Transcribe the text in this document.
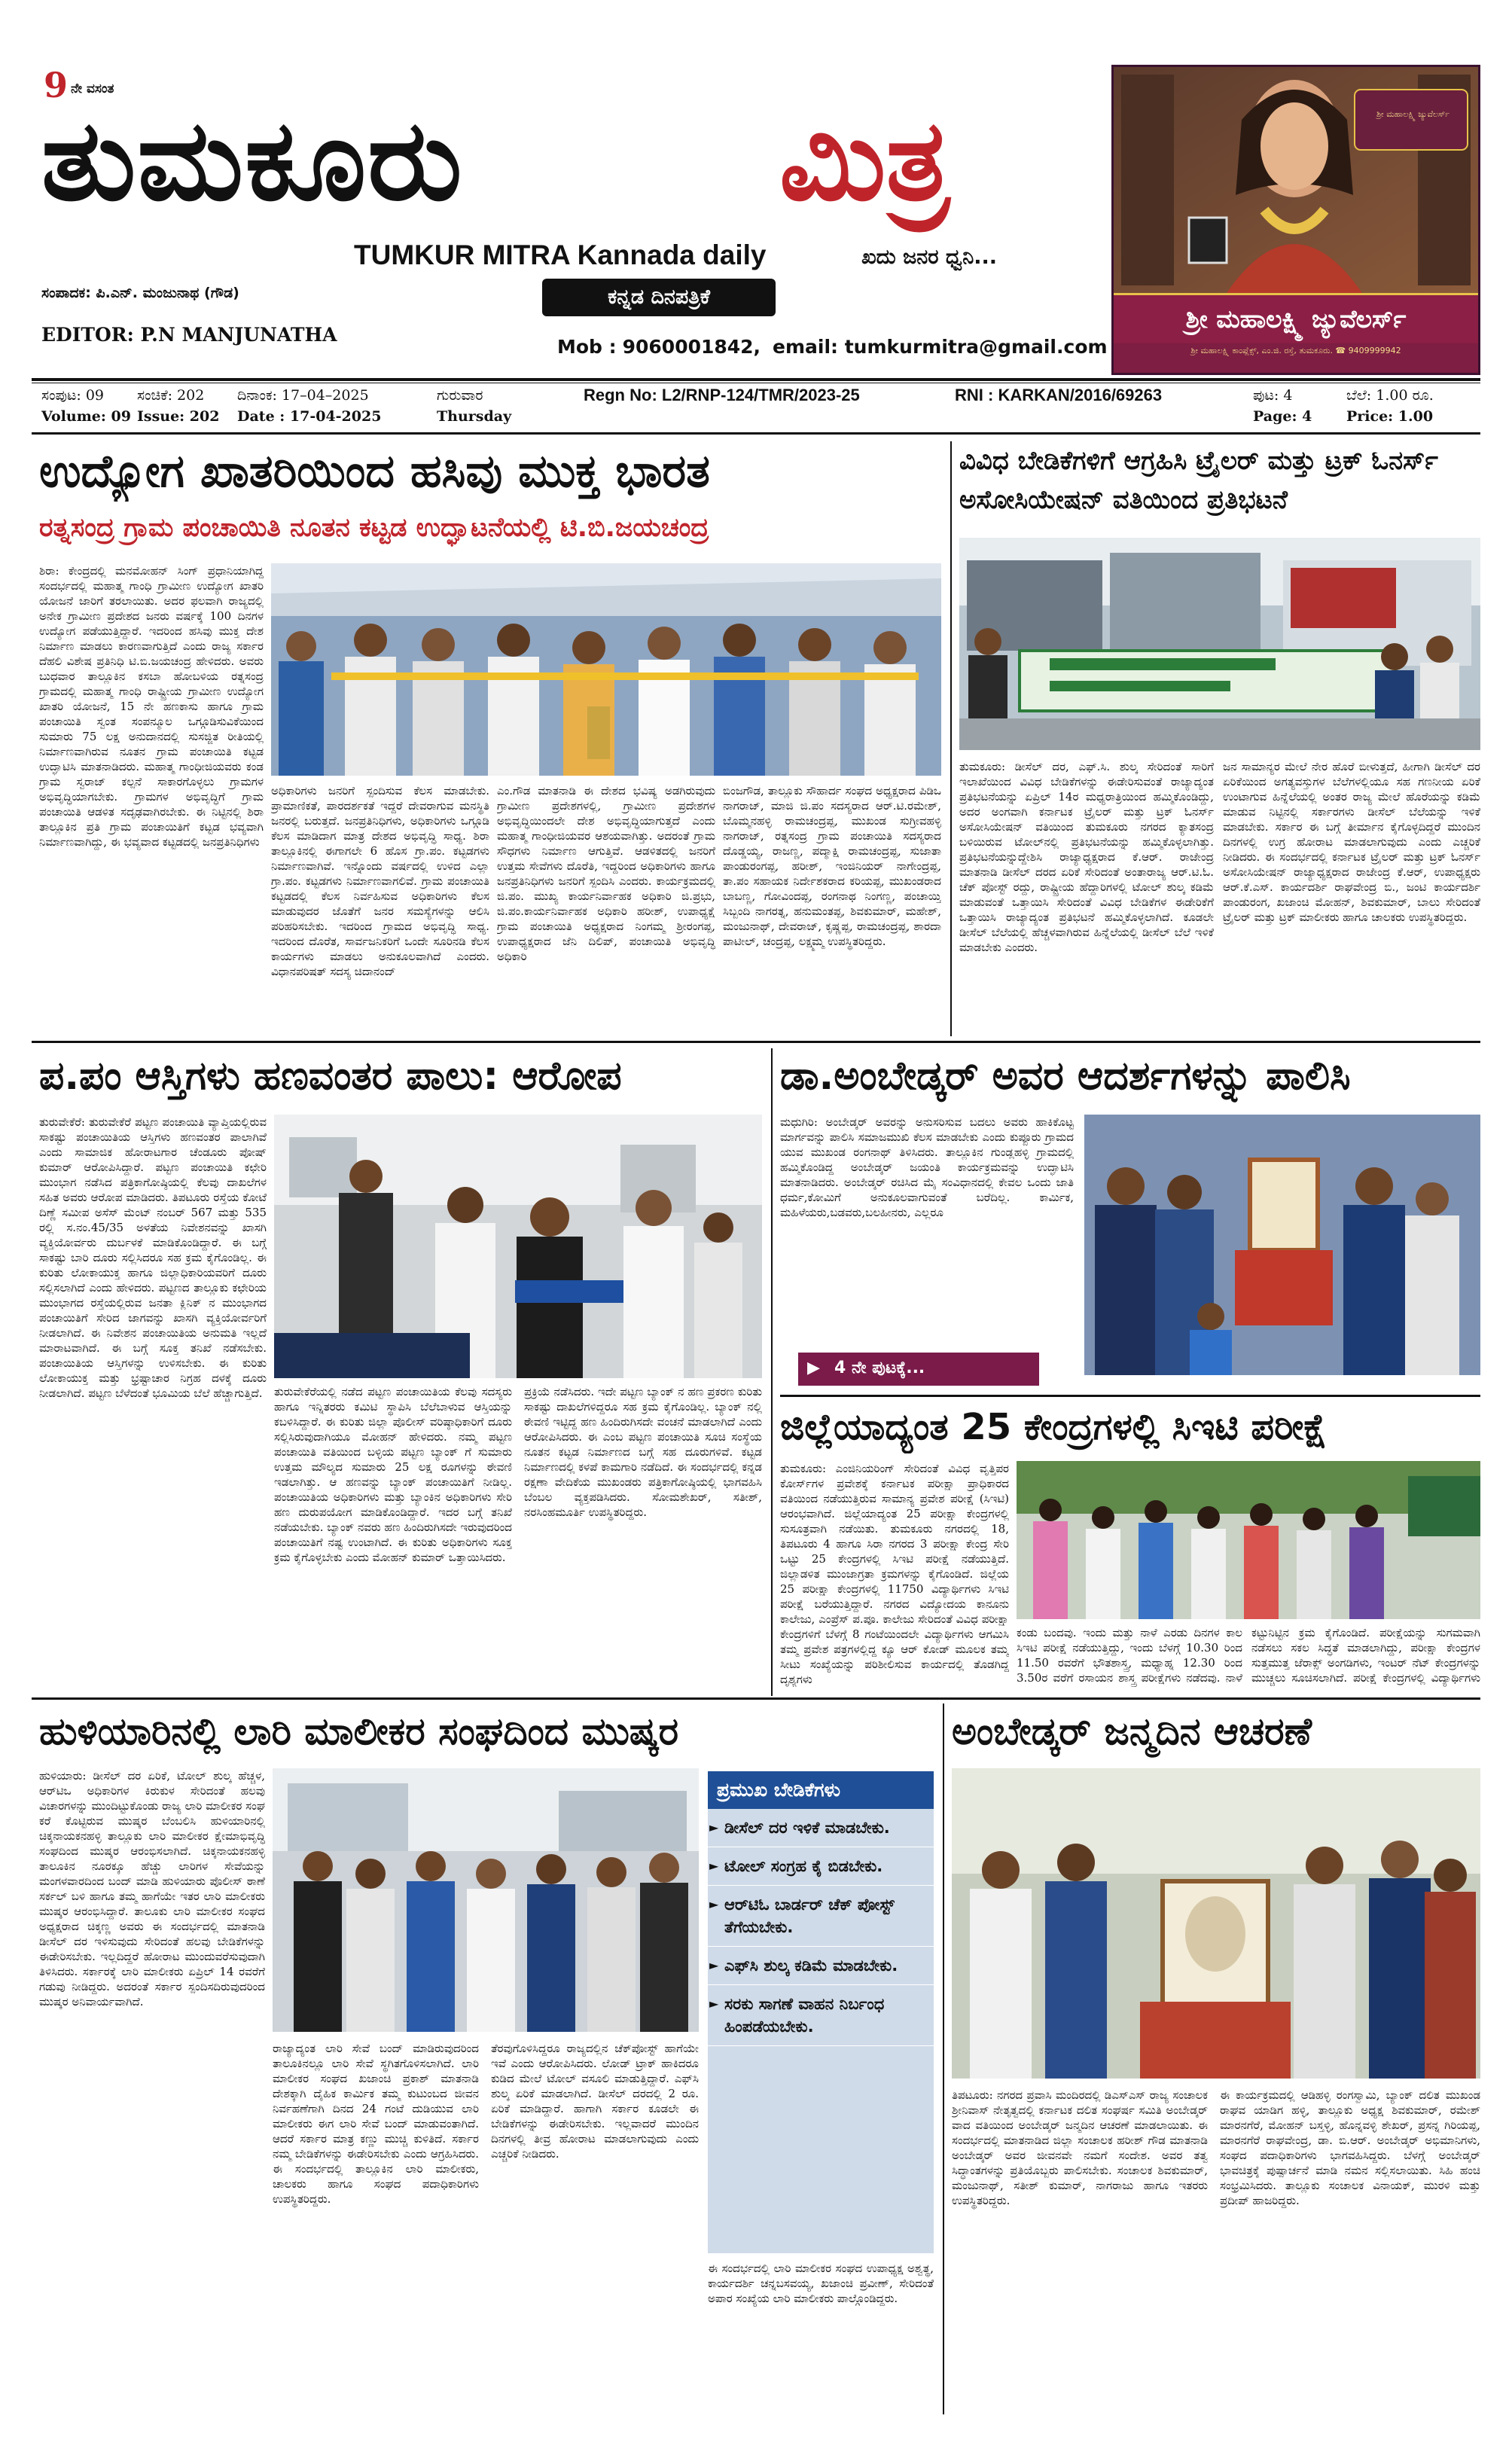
9 ನೇ ವಸಂತ
ತುಮಕೂರು	ಮಿತ್ರ
TUMKUR MITRA Kannada daily	ಖದು ಜನರ ಧ್ವನಿ...
ಸಂಪಾದಕ: ಪಿ.ಎನ್. ಮಂಜುನಾಥ (ಗೌಡ)	ಕನ್ನಡ ದಿನಪತ್ರಿಕೆ
EDITOR: P.N MANJUNATHA
Mob : 9060001842, email: tumkurmitra@gmail.com
ಶ್ರೀ ಮಹಾಲಕ್ಷ್ಮಿ ಜ್ಯುವೆಲರ್ಸ್
ಶ್ರೀ ಮಹಾಲಕ್ಷ್ಮಿ ಜ್ಯುವೆಲರ್ಸ್
ಶ್ರೀ ಮಹಾಲಕ್ಷ್ಮಿ ಕಾಂಪ್ಲೆಕ್ಸ್, ಎಂ.ಜಿ. ರಸ್ತೆ, ತುಮಕೂರು. ☎ 9409999942
ಸಂಪುಟ: 09 ಸಂಚಿಕೆ: 202 ದಿನಾಂಕ: 17–04–2025	ಗುರುವಾರ	Regn No: L2/RNP-124/TMR/2023-25	RNI : KARKAN/2016/69263	ಪುಟ: 4	ಬೆಲೆ: 1.00 ರೂ.
Volume: 09 Issue: 202 Date : 17-04-2025	Thursday	Page: 4 Price: 1.00
ಉದ್ಯೋಗ ಖಾತರಿಯಿಂದ ಹಸಿವು ಮುಕ್ತ ಭಾರತ
ರತ್ನಸಂದ್ರ ಗ್ರಾಮ ಪಂಚಾಯಿತಿ ನೂತನ ಕಟ್ಟಡ ಉದ್ಘಾಟನೆಯಲ್ಲಿ ಟಿ.ಬಿ.ಜಯಚಂದ್ರ
ಶಿರಾ: ಕೇಂದ್ರದಲ್ಲಿ ಮನಮೋಹನ್ ಸಿಂಗ್ ಪ್ರಧಾನಿಯಾಗಿದ್ದ ಸಂದರ್ಭದಲ್ಲಿ ಮಹಾತ್ಮ ಗಾಂಧಿ ಗ್ರಾಮೀಣ ಉದ್ಯೋಗ ಖಾತರಿ ಯೋಜನೆ ಜಾರಿಗೆ ತರಲಾಯಿತು. ಅದರ ಫಲವಾಗಿ ರಾಜ್ಯದಲ್ಲಿ ಅನೇಕ ಗ್ರಾಮೀಣ ಪ್ರದೇಶದ ಜನರು ವರ್ಷಕ್ಕೆ 100 ದಿನಗಳ ಉದ್ಯೋಗ ಪಡೆಯುತ್ತಿದ್ದಾರೆ. ಇದರಿಂದ ಹಸಿವು ಮುಕ್ತ ದೇಶ ನಿರ್ಮಾಣ ಮಾಡಲು ಕಾರಣವಾಗುತ್ತಿದೆ ಎಂದು ರಾಜ್ಯ ಸರ್ಕಾರ ದೆಹಲಿ ವಿಶೇಷ ಪ್ರತಿನಿಧಿ ಟಿ.ಬಿ.ಜಯಚಂದ್ರ ಹೇಳಿದರು. ಅವರು ಬುಧವಾರ ತಾಲ್ಲೂಕಿನ ಕಸಬಾ ಹೋಬಳಿಯ ರತ್ನಸಂದ್ರ ಗ್ರಾಮದಲ್ಲಿ ಮಹಾತ್ಮ ಗಾಂಧಿ ರಾಷ್ಟ್ರೀಯ ಗ್ರಾಮೀಣ ಉದ್ಯೋಗ ಖಾತರಿ ಯೋಜನೆ, 15 ನೇ ಹಣಕಾಸು ಹಾಗೂ ಗ್ರಾಮ ಪಂಚಾಯಿತಿ ಸ್ವಂತ ಸಂಪನ್ಮೂಲ ಒಗ್ಗೂಡಿಸುವಿಕೆಯಿಂದ ಸುಮಾರು 75 ಲಕ್ಷ ಅನುದಾನದಲ್ಲಿ ಸುಸಜ್ಜಿತ ರೀತಿಯಲ್ಲಿ ನಿರ್ಮಾಣವಾಗಿರುವ ನೂತನ ಗ್ರಾಮ ಪಂಚಾಯಿತಿ ಕಟ್ಟಡ ಉದ್ಘಾಟಿಸಿ ಮಾತನಾಡಿದರು. ಮಹಾತ್ಮ ಗಾಂಧೀಜಿಯವರು ಕಂಡ ಗ್ರಾಮ ಸ್ವರಾಜ್ ಕಲ್ಪನೆ ಸಾಕಾರಗೊಳ್ಳಲು ಗ್ರಾಮಗಳ ಅಭಿವೃದ್ಧಿಯಾಗಬೇಕು. ಗ್ರಾಮಗಳ ಅಭಿವೃದ್ಧಿಗೆ ಗ್ರಾಮ ಪಂಚಾಯಿತಿ ಆಡಳಿತ ಸದೃಢವಾಗಿರಬೇಕು. ಈ ನಿಟ್ಟಿನಲ್ಲಿ ಶಿರಾ ತಾಲ್ಲೂಕಿನ ಪ್ರತಿ ಗ್ರಾಮ ಪಂಚಾಯಿತಿಗೆ ಕಟ್ಟಡ ಭವ್ಯವಾಗಿ ನಿರ್ಮಾಣವಾಗಿದ್ದು, ಈ ಭವ್ಯವಾದ ಕಟ್ಟಡದಲ್ಲಿ ಜನಪ್ರತಿನಿಧಿಗಳು
ಅಧಿಕಾರಿಗಳು ಜನರಿಗೆ ಸ್ಪಂದಿಸುವ ಕೆಲಸ ಮಾಡಬೇಕು. ಪ್ರಾಮಾಣಿಕತೆ, ಪಾರದರ್ಶಕತೆ ಇದ್ದರೆ ದೇವರಾಗುವ ಮನಸ್ಥಿತಿ ಜನರಲ್ಲಿ ಬರುತ್ತದೆ. ಜನಪ್ರತಿನಿಧಿಗಳು, ಅಧಿಕಾರಿಗಳು ಒಗ್ಗೂಡಿ ಕೆಲಸ ಮಾಡಿದಾಗ ಮಾತ್ರ ದೇಶದ ಅಭಿವೃದ್ಧಿ ಸಾಧ್ಯ. ಶಿರಾ ತಾಲ್ಲೂಕಿನಲ್ಲಿ ಈಗಾಗಲೇ 6 ಹೊಸ ಗ್ರಾ.ಪಂ. ಕಟ್ಟಡಗಳು ನಿರ್ಮಾಣವಾಗಿವೆ. ಇನ್ನೊಂದು ವರ್ಷದಲ್ಲಿ ಉಳಿದ ಎಲ್ಲಾ ಗ್ರಾ.ಪಂ. ಕಟ್ಟಡಗಳು ನಿರ್ಮಾಣವಾಗಲಿವೆ. ಗ್ರಾಮ ಪಂಚಾಯಿತಿ ಕಟ್ಟಡದಲ್ಲಿ ಕೆಲಸ ನಿರ್ವಹಿಸುವ ಅಧಿಕಾರಿಗಳು ಕೆಲಸ ಮಾಡುವುದರ ಜೊತೆಗೆ ಜನರ ಸಮಸ್ಯೆಗಳನ್ನು ಆಲಿಸಿ ಪರಿಹರಿಸಬೇಕು. ಇದರಿಂದ ಗ್ರಾಮದ ಅಭಿವೃದ್ಧಿ ಸಾಧ್ಯ. ಇದರಿಂದ ದೊರೆತ, ಸಾರ್ವಜನಿಕರಿಗೆ ಒಂದೇ ಸೂರಿನಡಿ ಕೆಲಸ ಕಾರ್ಯಗಳು ಮಾಡಲು ಅನುಕೂಲವಾಗಿದೆ ಎಂದರು. ವಿಧಾನಪರಿಷತ್ ಸದಸ್ಯ ಚಿದಾನಂದ್
ಎಂ.ಗೌಡ ಮಾತನಾಡಿ ಈ ದೇಶದ ಭವಿಷ್ಯ ಅಡಗಿರುವುದು ಗ್ರಾಮೀಣ ಪ್ರದೇಶಗಳಲ್ಲಿ, ಗ್ರಾಮೀಣ ಪ್ರದೇಶಗಳ ಅಭಿವೃದ್ಧಿಯಿಂದಲೇ ದೇಶ ಅಭಿವೃದ್ಧಿಯಾಗುತ್ತದೆ ಎಂದು ಮಹಾತ್ಮ ಗಾಂಧೀಜಿಯವರ ಆಶಯವಾಗಿತ್ತು. ಅದರಂತೆ ಗ್ರಾಮ ಸೌಧಗಳು ನಿರ್ಮಾಣ ಆಗುತ್ತಿವೆ. ಆಡಳಿತದಲ್ಲಿ ಜನರಿಗೆ ಉತ್ತಮ ಸೇವೆಗಳು ದೊರೆತಿ, ಇದ್ದರಿಂದ ಅಧಿಕಾರಿಗಳು ಹಾಗೂ ಜನಪ್ರತಿನಿಧಿಗಳು ಜನರಿಗೆ ಸ್ಪಂದಿಸಿ ಎಂದರು. ಕಾರ್ಯಕ್ರಮದಲ್ಲಿ ಜಿ.ಪಂ. ಮುಖ್ಯ ಕಾರ್ಯನಿರ್ವಾಹಕ ಅಧಿಕಾರಿ ಜಿ.ಪ್ರಭು, ಜಿ.ಪಂ.ಕಾರ್ಯನಿರ್ವಾಹಕ ಅಧಿಕಾರಿ ಹರೀಶ್, ಉಪಾಧ್ಯಕ್ಷೆ ಗ್ರಾಮ ಪಂಚಾಯಿತಿ ಅಧ್ಯಕ್ಷರಾದ ನಿಂಗಮ್ಮ ಶ್ರೀರಂಗಪ್ಪ, ಉಪಾಧ್ಯಕ್ಷರಾದ ಜೆನಿ ದಿಲಿಪ್, ಪಂಚಾಯಿತಿ ಅಭಿವೃದ್ಧಿ ಅಧಿಕಾರಿ
ಬಿಂಜಗೌಡ, ತಾಲ್ಲೂಕು ಸೌಹಾರ್ದ ಸಂಘದ ಅಧ್ಯಕ್ಷರಾದ ಪಿಡಿಒ ನಾಗರಾಜ್, ಮಾಜಿ ಜಿ.ಪಂ ಸದಸ್ಯರಾದ ಆರ್.ಟಿ.ರಮೇಶ್, ಬೊಮ್ಮನಹಳ್ಳಿ ರಾಮಚಂದ್ರಪ್ಪ, ಮುಖಂಡ ಸುಗ್ರೀವಹಳ್ಳಿ ನಾಗರಾಜ್, ರತ್ನಸಂದ್ರ ಗ್ರಾಮ ಪಂಚಾಯಿತಿ ಸದಸ್ಯರಾದ ದೊಡ್ಡಯ್ಯ, ರಾಜಣ್ಣ, ಪದ್ಮಾಕ್ಷಿ ರಾಮಚಂದ್ರಪ್ಪ, ಸುಜಾತಾ ಪಾಂಡುರಂಗಪ್ಪ, ಹರೀಶ್, ಇಂಜಿನಿಯರ್ ನಾಗೇಂದ್ರಪ್ಪ, ತಾ.ಪಂ ಸಹಾಯಕ ನಿರ್ದೇಶಕರಾದ ಕರಿಯಪ್ಪ, ಮುಖಂಡರಾದ ಬಾಬಣ್ಣ, ಗೋವಿಂದಪ್ಪ, ರಂಗನಾಥ ನಿಂಗಣ್ಣ, ಪಂಚಾಯ್ತಿ ಸಿಬ್ಬಂದಿ ನಾಗರತ್ನ, ಹನುಮಂತಪ್ಪ, ಶಿವಕುಮಾರ್, ಮಹೇಶ್, ಮಂಜುನಾಥ್, ದೇವರಾಜ್, ಕೃಷ್ಣಪ್ಪ, ರಾಮಚಂದ್ರಪ್ಪ, ಶಾರದಾ ಪಾಟೀಲ್, ಚಂದ್ರಪ್ಪ, ಲಕ್ಷ್ಮಮ್ಮ ಉಪಸ್ಥಿತರಿದ್ದರು.
ವಿವಿಧ ಬೇಡಿಕೆಗಳಿಗೆ ಆಗ್ರಹಿಸಿ ಟ್ರೈಲರ್ ಮತ್ತು ಟ್ರಕ್ ಓನರ್ಸ್ ಅಸೋಸಿಯೇಷನ್ ವತಿಯಿಂದ ಪ್ರತಿಭಟನೆ
ತುಮಕೂರು: ಡೀಸೆಲ್ ದರ, ಎಫ್.ಸಿ. ಶುಲ್ಕ ಸೇರಿದಂತೆ ಸಾರಿಗೆ ಇಲಾಖೆಯಿಂದ ವಿವಿಧ ಬೇಡಿಕೆಗಳನ್ನು ಈಡೇರಿಸುವಂತೆ ರಾಜ್ಯಾದ್ಯಂತ ಪ್ರತಿಭಟನೆಯನ್ನು ಏಪ್ರಿಲ್ 14ರ ಮಧ್ಯರಾತ್ರಿಯಿಂದ ಹಮ್ಮಿಕೊಂಡಿದ್ದು, ಅದರ ಅಂಗವಾಗಿ ಕರ್ನಾಟಕ ಟ್ರೈಲರ್ ಮತ್ತು ಟ್ರಕ್ ಓನರ್ಸ್ ಅಸೋಸಿಯೇಷನ್ ವತಿಯಿಂದ ತುಮಕೂರು ನಗರದ ಕ್ಯಾತಸಂದ್ರ ಬಳಿಯಿರುವ ಟೋಲ್‌ನಲ್ಲಿ ಪ್ರತಿಭಟನೆಯನ್ನು ಹಮ್ಮಿಕೊಳ್ಳಲಾಗಿತ್ತು. ಪ್ರತಿಭಟನೆಯನ್ನುದ್ದೇಶಿಸಿ ರಾಜ್ಯಾಧ್ಯಕ್ಷರಾದ ಕೆ.ಆರ್. ರಾಜೇಂದ್ರ ಮಾತನಾಡಿ ಡೀಸೆಲ್ ದರದ ಏರಿಕೆ ಸೇರಿದಂತೆ ಅಂತಾರಾಜ್ಯ ಆರ್.ಟಿ.ಓ. ಚೆಕ್ ಪೋಸ್ಟ್ ರದ್ದು, ರಾಷ್ಟ್ರೀಯ ಹೆದ್ದಾರಿಗಳಲ್ಲಿ ಟೋಲ್ ಶುಲ್ಕ ಕಡಿಮೆ ಮಾಡುವಂತೆ ಒತ್ತಾಯಿಸಿ ಸೇರಿದಂತೆ ವಿವಿಧ ಬೇಡಿಕೆಗಳ ಈಡೇರಿಕೆಗೆ ಒತ್ತಾಯಿಸಿ ರಾಜ್ಯಾದ್ಯಂತ ಪ್ರತಿಭಟನೆ ಹಮ್ಮಿಕೊಳ್ಳಲಾಗಿದೆ. ಕೂಡಲೇ ಡೀಸೆಲ್ ಬೆಲೆಯಲ್ಲಿ ಹೆಚ್ಚಳವಾಗಿರುವ ಹಿನ್ನೆಲೆಯಲ್ಲಿ ಡೀಸೆಲ್ ಬೆಲೆ ಇಳಿಕೆ ಮಾಡಬೇಕು ಎಂದರು.
ಜನ ಸಾಮಾನ್ಯರ ಮೇಲೆ ನೇರ ಹೊರೆ ಬೀಳುತ್ತದೆ, ಹೀಗಾಗಿ ಡೀಸೆಲ್ ದರ ಏರಿಕೆಯಿಂದ ಅಗತ್ಯವಸ್ತುಗಳ ಬೆಲೆಗಳಲ್ಲಿಯೂ ಸಹ ಗಣನೀಯ ಏರಿಕೆ ಉಂಟಾಗುವ ಹಿನ್ನೆಲೆಯಲ್ಲಿ ಅಂತರ ರಾಜ್ಯ ಮೇಲೆ ಹೊರೆಯನ್ನು ಕಡಿಮೆ ಮಾಡುವ ನಿಟ್ಟಿನಲ್ಲಿ ಸರ್ಕಾರಗಳು ಡೀಸೆಲ್ ಬೆಲೆಯನ್ನು ಇಳಿಕೆ ಮಾಡಬೇಕು. ಸರ್ಕಾರ ಈ ಬಗ್ಗೆ ತೀರ್ಮಾನ ಕೈಗೊಳ್ಳದಿದ್ದರೆ ಮುಂದಿನ ದಿನಗಳಲ್ಲಿ ಉಗ್ರ ಹೋರಾಟ ಮಾಡಲಾಗುವುದು ಎಂದು ಎಚ್ಚರಿಕೆ ನೀಡಿದರು. ಈ ಸಂದರ್ಭದಲ್ಲಿ ಕರ್ನಾಟಕ ಟ್ರೈಲರ್ ಮತ್ತು ಟ್ರಕ್ ಓನರ್ಸ್ ಅಸೋಸಿಯೇಷನ್ ರಾಜ್ಯಾಧ್ಯಕ್ಷರಾದ ರಾಜೇಂದ್ರ ಕೆ.ಆರ್, ಉಪಾಧ್ಯಕ್ಷರು ಆರ್.ಕೆ.ಎಸ್. ಕಾರ್ಯದರ್ಶಿ ರಾಘವೇಂದ್ರ ಬಿ., ಜಂಟಿ ಕಾರ್ಯದರ್ಶಿ ಪಾಂಡುರಂಗ, ಖಜಾಂಚಿ ಮೋಹನ್, ಶಿವಕುಮಾರ್, ಬಾಲು ಸೇರಿದಂತೆ ಟ್ರೈಲರ್ ಮತ್ತು ಟ್ರಕ್ ಮಾಲೀಕರು ಹಾಗೂ ಚಾಲಕರು ಉಪಸ್ಥಿತರಿದ್ದರು.
ಪ.ಪಂ ಆಸ್ತಿಗಳು ಹಣವಂತರ ಪಾಲು: ಆರೋಪ
ತುರುವೇಕೆರೆ: ತುರುವೇಕೆರೆ ಪಟ್ಟಣ ಪಂಚಾಯಿತಿ ವ್ಯಾಪ್ತಿಯಲ್ಲಿರುವ ಸಾಕಷ್ಟು ಪಂಚಾಯಿತಿಯ ಆಸ್ತಿಗಳು ಹಣವಂತರ ಪಾಲಾಗಿವೆ ಎಂದು ಸಾಮಾಜಿಕ ಹೋರಾಟಗಾರ ಚೆಂಡೂರು ಪೋಷ್ ಕುಮಾರ್ ಆರೋಪಿಸಿದ್ದಾರೆ. ಪಟ್ಟಣ ಪಂಚಾಯಿತಿ ಕಛೇರಿ ಮುಂಭಾಗ ನಡೆಸಿದ ಪತ್ರಿಕಾಗೋಷ್ಠಿಯಲ್ಲಿ ಕೆಲವು ದಾಖಲೆಗಳ ಸಹಿತ ಅವರು ಆರೋಪ ಮಾಡಿದರು. ತಿಪಟೂರು ರಸ್ತೆಯ ಕೋಟೆ ದಿಣ್ಣೆ ಸಮೀಪ ಅಸೆಸ್ ಮೆಂಟ್ ನಂಬರ್ 567 ಮತ್ತು 535 ರಲ್ಲಿ ಸ.ನಂ.45/35 ಅಳತೆಯ ನಿವೇಶನವನ್ನು ಖಾಸಗಿ ವ್ಯಕ್ತಿಯೋರ್ವರು ದುರ್ಬಳಕೆ ಮಾಡಿಕೊಂಡಿದ್ದಾರೆ. ಈ ಬಗ್ಗೆ ಸಾಕಷ್ಟು ಬಾರಿ ದೂರು ಸಲ್ಲಿಸಿದರೂ ಸಹ ಕ್ರಮ ಕೈಗೊಂಡಿಲ್ಲ. ಈ ಕುರಿತು ಲೋಕಾಯುಕ್ತ ಹಾಗೂ ಜಿಲ್ಲಾಧಿಕಾರಿಯವರಿಗೆ ದೂರು ಸಲ್ಲಿಸಲಾಗಿದೆ ಎಂದು ಹೇಳಿದರು. ಪಟ್ಟಣದ ತಾಲ್ಲೂಕು ಕಛೇರಿಯ ಮುಂಭಾಗದ ರಸ್ತೆಯಲ್ಲಿರುವ ಜನತಾ ಕ್ಲಿನಿಕ್ ನ ಮುಂಭಾಗದ ಪಂಚಾಯಿತಿಗೆ ಸೇರಿದ ಜಾಗವನ್ನು ಖಾಸಗಿ ವ್ಯಕ್ತಿಯೋರ್ವರಿಗೆ ನೀಡಲಾಗಿದೆ. ಈ ನಿವೇಶನ ಪಂಚಾಯಿತಿಯ ಅನುಮತಿ ಇಲ್ಲದೆ ಮಾರಾಟವಾಗಿದೆ. ಈ ಬಗ್ಗೆ ಸೂಕ್ತ ತನಿಖೆ ನಡೆಸಬೇಕು. ಪಂಚಾಯಿತಿಯ ಆಸ್ತಿಗಳನ್ನು ಉಳಿಸಬೇಕು. ಈ ಕುರಿತು ಲೋಕಾಯುಕ್ತ ಮತ್ತು ಭ್ರಷ್ಟಾಚಾರ ನಿಗ್ರಹ ದಳಕ್ಕೆ ದೂರು ನೀಡಲಾಗಿದೆ. ಪಟ್ಟಣ ಬೆಳೆದಂತೆ ಭೂಮಿಯ ಬೆಲೆ ಹೆಚ್ಚಾಗುತ್ತಿದೆ.	ತುರುವೇಕೆರೆಯಲ್ಲಿ ನಡೆದ ಪಟ್ಟಣ ಪಂಚಾಯಿತಿಯ ಕೆಲವು ಸದಸ್ಯರು ಹಾಗೂ ಇನ್ನಿತರರು ಕಮಿಟಿ ಸ್ಥಾಪಿಸಿ ಬೆಲೆಬಾಳುವ ಆಸ್ತಿಯನ್ನು ಕಬಳಿಸಿದ್ದಾರೆ. ಈ ಕುರಿತು ಜಿಲ್ಲಾ ಪೊಲೀಸ್ ವರಿಷ್ಠಾಧಿಕಾರಿಗೆ ದೂರು ಸಲ್ಲಿಸಿರುವುದಾಗಿಯೂ ಮೋಹನ್ ಹೇಳಿದರು. ನಮ್ಮ ಪಟ್ಟಣ ಪಂಚಾಯಿತಿ ವತಿಯಿಂದ ಬಳ್ಳಿಯ ಪಟ್ಟಣ ಬ್ಯಾಂಕ್ ಗೆ ಸುಮಾರು ಉತ್ತಮ ಮೌಲ್ಯದ ಸುಮಾರು 25 ಲಕ್ಷ ರೂಗಳನ್ನು ಠೇವಣಿ ಇಡಲಾಗಿತ್ತು. ಆ ಹಣವನ್ನು ಬ್ಯಾಂಕ್ ಪಂಚಾಯಿತಿಗೆ ನೀಡಿಲ್ಲ. ಪಂಚಾಯಿತಿಯ ಅಧಿಕಾರಿಗಳು ಮತ್ತು ಬ್ಯಾಂಕಿನ ಅಧಿಕಾರಿಗಳು ಸೇರಿ ಹಣ ದುರುಪಯೋಗ ಮಾಡಿಕೊಂಡಿದ್ದಾರೆ. ಇದರ ಬಗ್ಗೆ ತನಿಖೆ ನಡೆಯಬೇಕು. ಬ್ಯಾಂಕ್ ನವರು ಹಣ ಹಿಂದಿರುಗಿಸದೇ ಇರುವುದರಿಂದ ಪಂಚಾಯಿತಿಗೆ ನಷ್ಟ ಉಂಟಾಗಿದೆ. ಈ ಕುರಿತು ಅಧಿಕಾರಿಗಳು ಸೂಕ್ತ ಕ್ರಮ ಕೈಗೊಳ್ಳಬೇಕು ಎಂದು ಮೋಹನ್ ಕುಮಾರ್ ಒತ್ತಾಯಿಸಿದರು.
ಪ್ರಕ್ರಿಯೆ ನಡೆಸಿದರು. ಇದೇ ಪಟ್ಟಣ ಬ್ಯಾಂಕ್ ನ ಹಣ ಪ್ರಕರಣ ಕುರಿತು ಸಾಕಷ್ಟು ದಾಖಲೆಗಳಿದ್ದರೂ ಸಹ ಕ್ರಮ ಕೈಗೊಂಡಿಲ್ಲ. ಬ್ಯಾಂಕ್ ನಲ್ಲಿ ಠೇವಣಿ ಇಟ್ಟಿದ್ದ ಹಣ ಹಿಂದಿರುಗಿಸದೇ ವಂಚನೆ ಮಾಡಲಾಗಿದೆ ಎಂದು ಆರೋಪಿಸಿದರು. ಈ ಎಂಬ ಪಟ್ಟಣ ಪಂಚಾಯಿತಿ ಸೂಚಿ ಸಂಸ್ಥೆಯ ನೂತನ ಕಟ್ಟಡ ನಿರ್ಮಾಣದ ಬಗ್ಗೆ ಸಹ ದೂರುಗಳಿವೆ. ಕಟ್ಟಡ ನಿರ್ಮಾಣದಲ್ಲಿ ಕಳಪೆ ಕಾಮಗಾರಿ ನಡೆದಿದೆ. ಈ ಸಂದರ್ಭದಲ್ಲಿ ಕನ್ನಡ ರಕ್ಷಣಾ ವೇದಿಕೆಯ ಮುಖಂಡರು ಪತ್ರಿಕಾಗೋಷ್ಠಿಯಲ್ಲಿ ಭಾಗವಹಿಸಿ ಬೆಂಬಲ ವ್ಯಕ್ತಪಡಿಸಿದರು. ಸೋಮಶೇಖರ್, ಸತೀಶ್, ನರಸಿಂಹಮೂರ್ತಿ ಉಪಸ್ಥಿತರಿದ್ದರು.
ಡಾ.ಅಂಬೇಡ್ಕರ್ ಅವರ ಆದರ್ಶಗಳನ್ನು ಪಾಲಿಸಿ
ಮಧುಗಿರಿ: ಅಂಬೇಡ್ಕರ್ ಅವರನ್ನು ಅನುಸರಿಸುವ ಬದಲು ಅವರು ಹಾಕಿಕೊಟ್ಟ ಮಾರ್ಗವನ್ನು ಪಾಲಿಸಿ ಸಮಾಜಮುಖಿ ಕೆಲಸ ಮಾಡಬೇಕು ಎಂದು ಕುಪ್ಪೂರು ಗ್ರಾಮದ ಯುವ ಮುಖಂಡ ರಂಗನಾಥ್ ತಿಳಿಸಿದರು. ತಾಲ್ಲೂಕಿನ ಗುಂಡ್ಲಹಳ್ಳಿ ಗ್ರಾಮದಲ್ಲಿ ಹಮ್ಮಿಕೊಂಡಿದ್ದ ಅಂಬೇಡ್ಕರ್ ಜಯಂತಿ ಕಾರ್ಯಕ್ರಮವನ್ನು ಉದ್ಘಾಟಿಸಿ ಮಾತನಾಡಿದರು. ಅಂಬೇಡ್ಕರ್ ರಚಿಸಿದ ಮೈ ಸಂವಿಧಾನದಲ್ಲಿ ಕೇವಲ ಒಂದು ಜಾತಿ ಧರ್ಮ,ಕೋಮಿಗೆ ಅನುಕೂಲವಾಗುವಂತೆ ಬರೆದಿಲ್ಲ. ಕಾರ್ಮಿಕ, ಮಹಿಳೆಯರು,ಬಡವರು,ಬಲಹೀನರು, ಎಲ್ಲರೂ
▶ 4 ನೇ ಪುಟಕ್ಕೆ...
ಜಿಲ್ಲೆಯಾದ್ಯಂತ 25 ಕೇಂದ್ರಗಳಲ್ಲಿ ಸಿಇಟಿ ಪರೀಕ್ಷೆ
ತುಮಕೂರು: ಎಂಜಿನಿಯರಿಂಗ್ ಸೇರಿದಂತೆ ವಿವಿಧ ವೃತ್ತಿಪರ ಕೋರ್ಸ್‌ಗಳ ಪ್ರವೇಶಕ್ಕೆ ಕರ್ನಾಟಕ ಪರೀಕ್ಷಾ ಪ್ರಾಧಿಕಾರದ ವತಿಯಿಂದ ನಡೆಯುತ್ತಿರುವ ಸಾಮಾನ್ಯ ಪ್ರವೇಶ ಪರೀಕ್ಷೆ (ಸಿಇಟಿ) ಆರಂಭವಾಗಿದೆ. ಜಿಲ್ಲೆಯಾದ್ಯಂತ 25 ಪರೀಕ್ಷಾ ಕೇಂದ್ರಗಳಲ್ಲಿ ಸುಸೂತ್ರವಾಗಿ ನಡೆಯಿತು. ತುಮಕೂರು ನಗರದಲ್ಲಿ 18, ತಿಪಟೂರು 4 ಹಾಗೂ ಸಿರಾ ನಗರದ 3 ಪರೀಕ್ಷಾ ಕೇಂದ್ರ ಸೇರಿ ಒಟ್ಟು 25 ಕೇಂದ್ರಗಳಲ್ಲಿ ಸಿಇಟಿ ಪರೀಕ್ಷೆ ನಡೆಯುತ್ತಿದೆ. ಜಿಲ್ಲಾಡಳಿತ ಮುಂಜಾಗ್ರತಾ ಕ್ರಮಗಳನ್ನು ಕೈಗೊಂಡಿದೆ. ಜಿಲ್ಲೆಯ 25 ಪರೀಕ್ಷಾ ಕೇಂದ್ರಗಳಲ್ಲಿ 11750 ವಿದ್ಯಾರ್ಥಿಗಳು ಸಿಇಟಿ ಪರೀಕ್ಷೆ ಬರೆಯುತ್ತಿದ್ದಾರೆ. ನಗರದ ವಿದ್ಯೋದಯ ಕಾನೂನು ಕಾಲೇಜು, ಎಂಪ್ರೆಸ್ ಪ.ಪೂ. ಕಾಲೇಜು ಸೇರಿದಂತೆ ವಿವಿಧ ಪರೀಕ್ಷಾ ಕೇಂದ್ರಗಳಿಗೆ ಬೆಳಗ್ಗೆ 8 ಗಂಟೆಯಿಂದಲೇ ವಿದ್ಯಾರ್ಥಿಗಳು ಆಗಮಿಸಿ ತಮ್ಮ ಪ್ರವೇಶ ಪತ್ರಗಳಲ್ಲಿದ್ದ ಕ್ಯೂ ಆರ್ ಕೋಡ್ ಮೂಲಕ ತಮ್ಮ ಸೀಟು ಸಂಖ್ಯೆಯನ್ನು ಪರಿಶೀಲಿಸುವ ಕಾರ್ಯದಲ್ಲಿ ತೊಡಗಿದ್ದ ದೃಶ್ಯಗಳು
ಕಂಡು ಬಂದವು. ಇಂದು ಮತ್ತು ನಾಳೆ ಎರಡು ದಿನಗಳ ಕಾಲ ಸಿಇಟಿ ಪರೀಕ್ಷೆ ನಡೆಯುತ್ತಿದ್ದು, ಇಂದು ಬೆಳಗ್ಗೆ 10.30 ರಿಂದ 11.50 ರವರೆಗೆ ಭೌತಶಾಸ್ತ್ರ, ಮಧ್ಯಾಹ್ನ 12.30 ರಿಂದ 3.50ರ ವರೆಗೆ ರಸಾಯನ ಶಾಸ್ತ್ರ ಪರೀಕ್ಷೆಗಳು ನಡೆದವು. ನಾಳೆ
ಕಟ್ಟುನಿಟ್ಟಿನ ಕ್ರಮ ಕೈಗೊಂಡಿದೆ. ಪರೀಕ್ಷೆಯನ್ನು ಸುಗಮವಾಗಿ ನಡೆಸಲು ಸಕಲ ಸಿದ್ಧತೆ ಮಾಡಲಾಗಿದ್ದು, ಪರೀಕ್ಷಾ ಕೇಂದ್ರಗಳ ಸುತ್ತಮುತ್ತ ಜೆರಾಕ್ಸ್ ಅಂಗಡಿಗಳು, ಇಂಟರ್ ನೆಟ್ ಕೇಂದ್ರಗಳನ್ನು ಮುಚ್ಚಲು ಸೂಚಿಸಲಾಗಿದೆ. ಪರೀಕ್ಷೆ ಕೇಂದ್ರಗಳಲ್ಲಿ ವಿದ್ಯಾರ್ಥಿಗಳು
ಹುಳಿಯಾರಿನಲ್ಲಿ ಲಾರಿ ಮಾಲೀಕರ ಸಂಘದಿಂದ ಮುಷ್ಕರ
ಹುಳಿಯಾರು: ಡೀಸೆಲ್ ದರ ಏರಿಕೆ, ಟೋಲ್ ಶುಲ್ಕ ಹೆಚ್ಚಳ, ಆರ್‌ಟಿಒ ಅಧಿಕಾರಿಗಳ ಕಿರುಕುಳ ಸೇರಿದಂತೆ ಹಲವು ವಿಚಾರಗಳನ್ನು ಮುಂದಿಟ್ಟುಕೊಂಡು ರಾಜ್ಯ ಲಾರಿ ಮಾಲೀಕರ ಸಂಘ ಕರೆ ಕೊಟ್ಟಿರುವ ಮುಷ್ಕರ ಬೆಂಬಲಿಸಿ ಹುಳಿಯಾರಿನಲ್ಲಿ ಚಿಕ್ಕನಾಯಕನಹಳ್ಳಿ ತಾಲ್ಲೂಕು ಲಾರಿ ಮಾಲೀಕರ ಕ್ಷೇಮಾಭಿವೃದ್ಧಿ ಸಂಘದಿಂದ ಮುಷ್ಕರ ಆರಂಭಿಸಲಾಗಿದೆ. ಚಿಕ್ಕನಾಯಕನಹಳ್ಳಿ ತಾಲೂಕಿನ ನೂರಕ್ಕೂ ಹೆಚ್ಚು ಲಾರಿಗಳ ಸೇವೆಯನ್ನು ಮಂಗಳವಾರದಿಂದ ಬಂದ್ ಮಾಡಿ ಹುಳಿಯಾರು ಪೊಲೀಸ್ ಠಾಣೆ ಸರ್ಕಲ್ ಬಳಿ ಹಾಗೂ ತಮ್ಮ ಹಾಗೆಯೇ ಇತರ ಲಾರಿ ಮಾಲೀಕರು ಮುಷ್ಕರ ಆರಂಭಿಸಿದ್ದಾರೆ. ತಾಲೂಕು ಲಾರಿ ಮಾಲೀಕರ ಸಂಘದ ಅಧ್ಯಕ್ಷರಾದ ಚಿಕ್ಕಣ್ಣ ಅವರು ಈ ಸಂದರ್ಭದಲ್ಲಿ ಮಾತನಾಡಿ ಡೀಸೆಲ್ ದರ ಇಳಿಸುವುದು ಸೇರಿದಂತೆ ಹಲವು ಬೇಡಿಕೆಗಳನ್ನು ಈಡೇರಿಸಬೇಕು. ಇಲ್ಲದಿದ್ದರೆ ಹೋರಾಟ ಮುಂದುವರೆಸುವುದಾಗಿ ತಿಳಿಸಿದರು. ಸರ್ಕಾರಕ್ಕೆ ಲಾರಿ ಮಾಲೀಕರು ಏಪ್ರಿಲ್ 14 ರವರೆಗೆ ಗಡುವು ನೀಡಿದ್ದರು. ಅದರಂತೆ ಸರ್ಕಾರ ಸ್ಪಂದಿಸದಿರುವುದರಿಂದ ಮುಷ್ಕರ ಅನಿವಾರ್ಯವಾಗಿದೆ.
ರಾಜ್ಯಾದ್ಯಂತ ಲಾರಿ ಸೇವೆ ಬಂದ್ ಮಾಡಿರುವುದರಿಂದ ತಾಲೂಕಿನಲ್ಲೂ ಲಾರಿ ಸೇವೆ ಸ್ಥಗಿತಗೊಳಿಸಲಾಗಿದೆ. ಲಾರಿ ಮಾಲೀಕರ ಸಂಘದ ಖಜಾಂಚಿ ಪ್ರಕಾಶ್ ಮಾತನಾಡಿ ದೇಶಕ್ಕಾಗಿ ದೈಹಿಕ ಕಾರ್ಮಿಕ ತಮ್ಮ ಕುಟುಂಬದ ಜೀವನ ನಿರ್ವಹಣೆಗಾಗಿ ದಿನದ 24 ಗಂಟೆ ದುಡಿಯುವ ಲಾರಿ ಮಾಲೀಕರು ಈಗ ಲಾರಿ ಸೇವೆ ಬಂದ್ ಮಾಡುವಂತಾಗಿದೆ. ಆದರೆ ಸರ್ಕಾರ ಮಾತ್ರ ಕಣ್ಣು ಮುಚ್ಚಿ ಕುಳಿತಿದೆ. ಸರ್ಕಾರ ನಮ್ಮ ಬೇಡಿಕೆಗಳನ್ನು ಈಡೇರಿಸಬೇಕು ಎಂದು ಆಗ್ರಹಿಸಿದರು. ಈ ಸಂದರ್ಭದಲ್ಲಿ ತಾಲ್ಲೂಕಿನ ಲಾರಿ ಮಾಲೀಕರು, ಚಾಲಕರು ಹಾಗೂ ಸಂಘದ ಪದಾಧಿಕಾರಿಗಳು ಉಪಸ್ಥಿತರಿದ್ದರು.
ತೆರವುಗೊಳಿಸಿದ್ದರೂ ರಾಜ್ಯದಲ್ಲಿನ ಚೆಕ್‌ಪೋಸ್ಟ್ ಹಾಗೆಯೇ ಇವೆ ಎಂದು ಆರೋಪಿಸಿದರು. ಲೋಡ್ ಟ್ರಾಕ್ ಹಾಕಿದರೂ ಕುಡಿದ ಮೇಲೆ ಟೋಲ್ ವಸೂಲಿ ಮಾಡುತ್ತಿದ್ದಾರೆ. ಎಫ್‌ಸಿ ಶುಲ್ಕ ಏರಿಕೆ ಮಾಡಲಾಗಿದೆ. ಡೀಸೆಲ್ ದರದಲ್ಲಿ 2 ರೂ. ಏರಿಕೆ ಮಾಡಿದ್ದಾರೆ. ಹಾಗಾಗಿ ಸರ್ಕಾರ ಕೂಡಲೇ ಈ ಬೇಡಿಕೆಗಳನ್ನು ಈಡೇರಿಸಬೇಕು. ಇಲ್ಲವಾದರೆ ಮುಂದಿನ ದಿನಗಳಲ್ಲಿ ತೀವ್ರ ಹೋರಾಟ ಮಾಡಲಾಗುವುದು ಎಂದು ಎಚ್ಚರಿಕೆ ನೀಡಿದರು.
ಪ್ರಮುಖ ಬೇಡಿಕೆಗಳು
► ಡೀಸೆಲ್ ದರ ಇಳಿಕೆ ಮಾಡಬೇಕು.
► ಟೋಲ್ ಸಂಗ್ರಹ ಕೈ ಬಿಡಬೇಕು.
► ಆರ್‌ಟಿಓ ಬಾರ್ಡರ್ ಚೆಕ್ ಪೋಸ್ಟ್ ತೆಗೆಯಬೇಕು.
► ಎಫ್‌ಸಿ ಶುಲ್ಕ ಕಡಿಮೆ ಮಾಡಬೇಕು.
► ಸರಕು ಸಾಗಣೆ ವಾಹನ ನಿರ್ಬಂಧ ಹಿಂಪಡೆಯಬೇಕು.
ಈ ಸಂದರ್ಭದಲ್ಲಿ ಲಾರಿ ಮಾಲೀಕರ ಸಂಘದ ಉಪಾಧ್ಯಕ್ಷ ಅಶ್ವತ್ಥ, ಕಾರ್ಯದರ್ಶಿ ಚನ್ನಬಸವಯ್ಯ, ಖಜಾಂಚಿ ಪ್ರವೀಣ್, ಸೇರಿದಂತೆ ಅಪಾರ ಸಂಖ್ಯೆಯ ಲಾರಿ ಮಾಲೀಕರು ಪಾಲ್ಗೊಂಡಿದ್ದರು.
ಅಂಬೇಡ್ಕರ್ ಜನ್ಮದಿನ ಆಚರಣೆ
ತಿಪಟೂರು: ನಗರದ ಪ್ರವಾಸಿ ಮಂದಿರದಲ್ಲಿ ಡಿಎಸ್‌ಎಸ್ ರಾಜ್ಯ ಸಂಚಾಲಕ ಶ್ರೀನಿವಾಸ್ ನೇತೃತ್ವದಲ್ಲಿ ಕರ್ನಾಟಕ ದಲಿತ ಸಂಘರ್ಷ ಸಮಿತಿ ಅಂಬೇಡ್ಕರ್ ವಾದ ವತಿಯಿಂದ ಅಂಬೇಡ್ಕರ್ ಜನ್ಮದಿನ ಆಚರಣೆ ಮಾಡಲಾಯಿತು. ಈ ಸಂದರ್ಭದಲ್ಲಿ ಮಾತನಾಡಿದ ಜಿಲ್ಲಾ ಸಂಚಾಲಕ ಹರೀಶ್ ಗೌಡ ಮಾತನಾಡಿ ಅಂಬೇಡ್ಕರ್ ಅವರ ಜೀವನವೇ ನಮಗೆ ಸಂದೇಶ. ಅವರ ತತ್ವ ಸಿದ್ಧಾಂತಗಳನ್ನು ಪ್ರತಿಯೊಬ್ಬರು ಪಾಲಿಸಬೇಕು. ಸಂಚಾಲಕ ಶಿವಕುಮಾರ್, ಮಂಜುನಾಥ್, ಸತೀಶ್ ಕುಮಾರ್, ನಾಗರಾಜು ಹಾಗೂ ಇತರರು ಉಪಸ್ಥಿತರಿದ್ದರು.
ಈ ಕಾರ್ಯಕ್ರಮದಲ್ಲಿ ಆಡಿಹಳ್ಳಿ ರಂಗಸ್ವಾಮಿ, ಬ್ಯಾಂಕ್ ದಲಿತ ಮುಖಂಡ ರಾಘವ ಯಾಡಿಗ ಹಳ್ಳಿ, ತಾಲ್ಲೂಕು ಅಧ್ಯಕ್ಷ ಶಿವಕುಮಾರ್, ರಮೇಶ್ ಮಾರನಗೆರೆ, ಮೋಹನ್ ಬಸ್ತಳ್ಳಿ, ಹೊನ್ನವಳ್ಳಿ ಶೇಖರ್, ಪ್ರಸನ್ನ ಗಿರಿಯಪ್ಪ, ಮಾರನಗೆರೆ ರಾಘವೇಂದ್ರ, ಡಾ. ಬಿ.ಆರ್. ಅಂಬೇಡ್ಕರ್ ಅಭಿಮಾನಿಗಳು, ಸಂಘದ ಪದಾಧಿಕಾರಿಗಳು ಭಾಗವಹಿಸಿದ್ದರು. ಬೆಳಗ್ಗೆ ಅಂಬೇಡ್ಕರ್ ಭಾವಚಿತ್ರಕ್ಕೆ ಪುಷ್ಪಾರ್ಚನೆ ಮಾಡಿ ನಮನ ಸಲ್ಲಿಸಲಾಯಿತು. ಸಿಹಿ ಹಂಚಿ ಸಂಭ್ರಮಿಸಿದರು. ತಾಲ್ಲೂಕು ಸಂಚಾಲಕ ವಿನಾಯಕ್, ಮುರಳಿ ಮತ್ತು ಪ್ರದೀಪ್ ಹಾಜರಿದ್ದರು.
